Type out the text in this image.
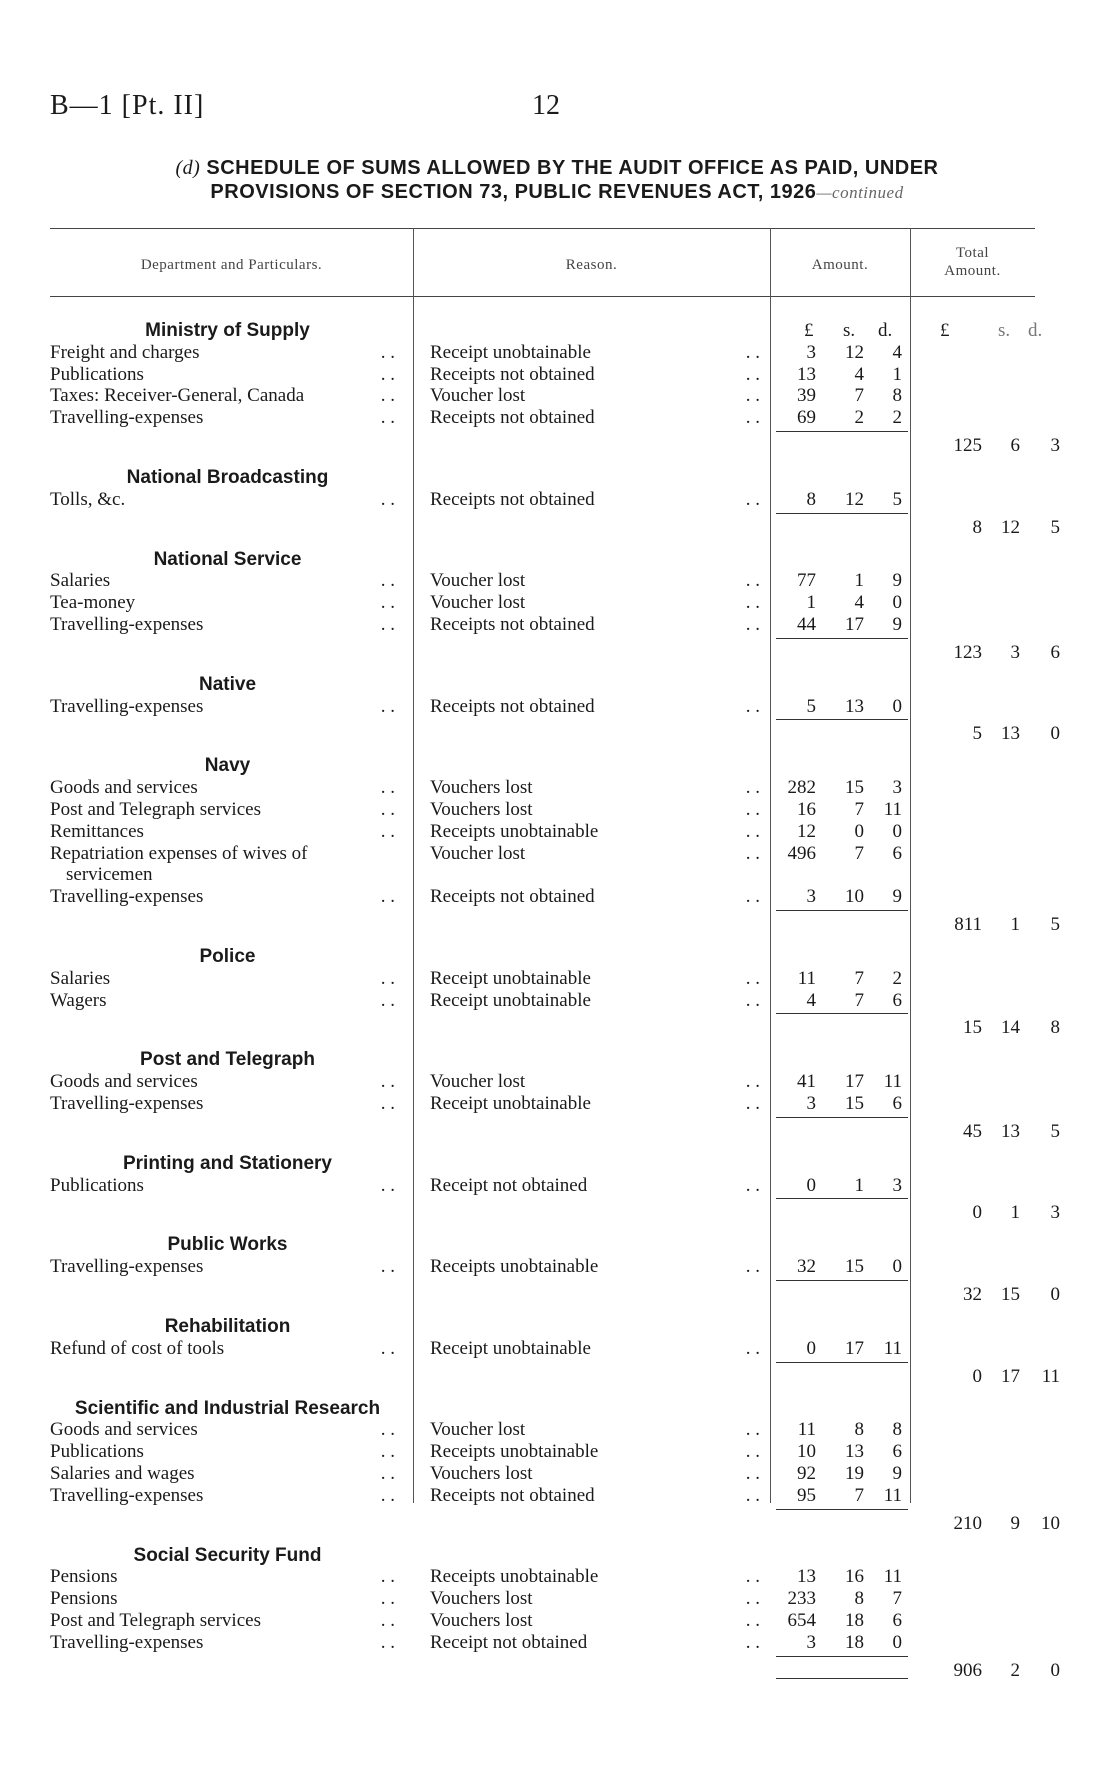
B—1 [Pt. II]	12
(d) SCHEDULE OF SUMS ALLOWED BY THE AUDIT OFFICE AS PAID, UNDER
PROVISIONS OF SECTION 73, PUBLIC REVENUES ACT, 1926—continued
Department and Particulars.	Reason.	Amount.
Total
Amount.
£ s. d.	£	s. d.
Ministry of Supply
Freight and charges	. . Receipt unobtainable	. .	3	12	4
Publications	. . Receipts not obtained	. .	13	4	1
Taxes: Receiver-General, Canada	. . Voucher lost	. .	39	7	8
Travelling-expenses	. . Receipts not obtained	. .	69	2	2
125	6	3
National Broadcasting
Tolls, &c.	. . Receipts not obtained	. .	8	12	5
8	12	5
National Service
Salaries	. . Voucher lost	. .	77	1	9
Tea-money	. . Voucher lost	. .	1	4	0
Travelling-expenses	. . Receipts not obtained	. .	44	17	9
123	3	6
Native
Travelling-expenses	. . Receipts not obtained	. .	5	13	0
5	13	0
Navy
Goods and services	. . Vouchers lost	. . 282	15	3
Post and Telegraph services	. . Vouchers lost	. .	16	7	11
Remittances	. . Receipts unobtainable	. .	12	0	0
Repatriation expenses of wives of	Voucher lost	. . 496	7	6
servicemen
Travelling-expenses	. . Receipts not obtained	. .	3	10	9
811	1	5
Police
Salaries	. . Receipt unobtainable	. .	11	7	2
Wagers	. . Receipt unobtainable	. .	4	7	6
15	14	8
Post and Telegraph
Goods and services	. . Voucher lost	. .	41	17	11
Travelling-expenses	. . Receipt unobtainable	. .	3	15	6
45	13	5
Printing and Stationery
Publications	. . Receipt not obtained	. .	0	1	3
0	1	3
Public Works
Travelling-expenses	. . Receipts unobtainable	. .	32	15	0
32	15	0
Rehabilitation
Refund of cost of tools	. . Receipt unobtainable	. .	0	17	11
0	17	11
Scientific and Industrial Research
Goods and services	. . Voucher lost	. .	11	8	8
Publications	. . Receipts unobtainable	. .	10	13	6
Salaries and wages	. . Vouchers lost	. .	92	19	9
Travelling-expenses	. . Receipts not obtained	. .	95	7	11
210	9	10
Social Security Fund
Pensions	. . Receipts unobtainable	. .	13	16	11
Pensions	. . Vouchers lost	. . 233	8	7
Post and Telegraph services	. . Vouchers lost	. . 654	18	6
Travelling-expenses	. . Receipt not obtained	. .	3	18	0
906	2	0
